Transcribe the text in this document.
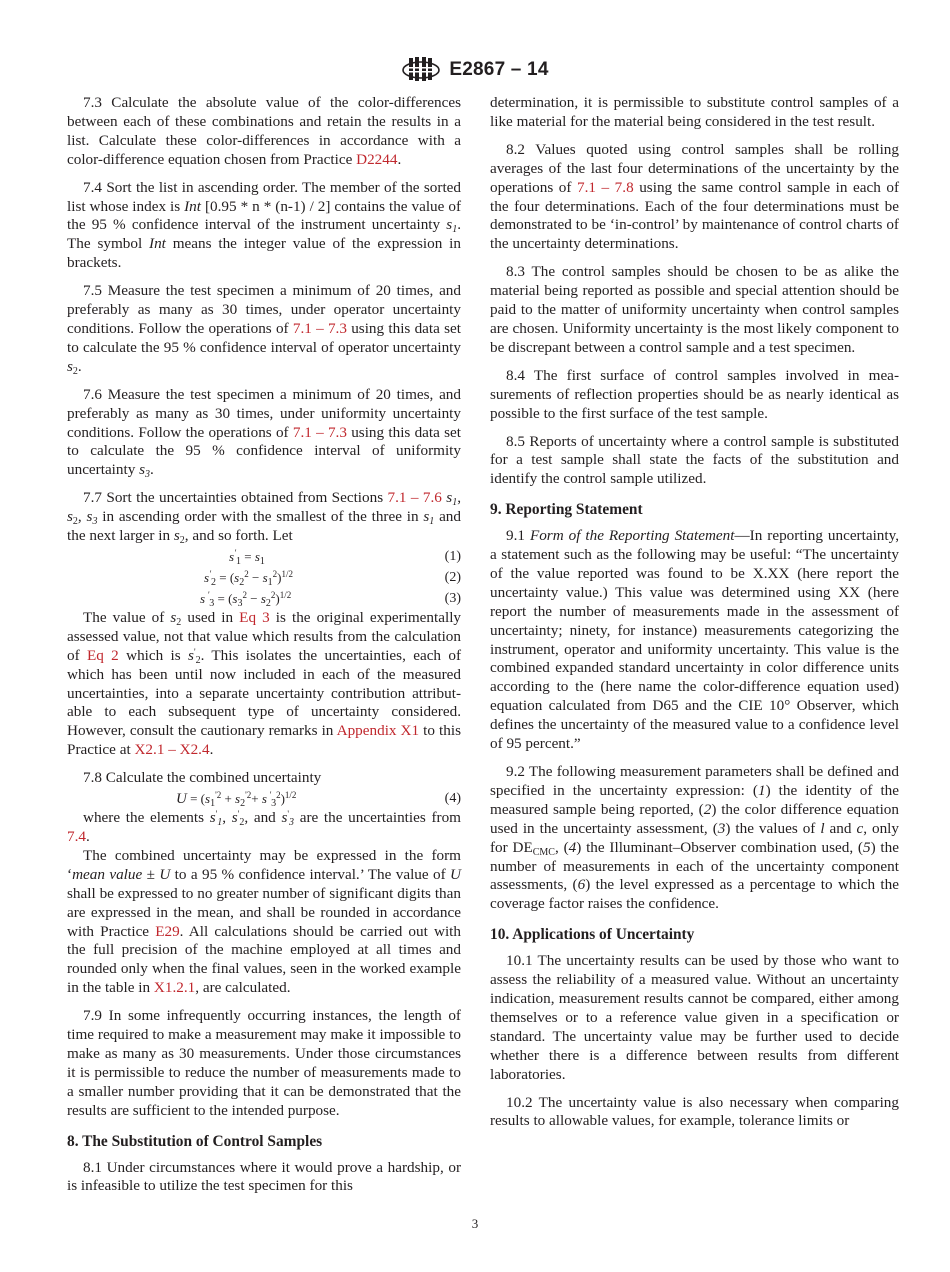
E2867 – 14

7.3 Calculate the absolute value of the color-differences between each of these combinations and retain the results in a list. Calculate these color-differences in accordance with a color-difference equation chosen from Practice D2244.

7.4 Sort the list in ascending order. The member of the sorted list whose index is Int [0.95 * n * (n-1) / 2] contains the value of the 95 % confidence interval of the instrument uncertainty $s_1$. The symbol Int means the integer value of the expression in brackets.

7.5 Measure the test specimen a minimum of 20 times, and preferably as many as 30 times, under operator uncertainty conditions. Follow the operations of 7.1 – 7.3 using this data set to calculate the 95 % confidence interval of operator uncertainty $s_2$.

7.6 Measure the test specimen a minimum of 20 times, and preferably as many as 30 times, under uniformity uncertainty conditions. Follow the operations of 7.1 – 7.3 using this data set to calculate the 95 % confidence interval of uniformity uncertainty $s_3$.

7.7 Sort the uncertainties obtained from Sections 7.1 – 7.6 $s_1$, $s_2$, $s_3$ in ascending order with the smallest of the three in $s_1$ and the next larger in $s_2$, and so forth. Let

$s'_1 = s_1$	(1)
$s'_2 = (s_2^2 - s_1^2)^{1/2}$	(2)
s $'_3 = (s_3^2 - s_2^2)^{1/2}$	(3)

The value of $s_2$ used in Eq 3 is the original experimentally assessed value, not that value which results from the calculation of Eq 2 which is $s'_2$. This isolates the uncertainties, each of which has been until now included in each of the measured uncertainties, into a separate uncertainty contribution attributable to each subsequent type of uncertainty considered. However, consult the cautionary remarks in Appendix X1 to this Practice at X2.1 – X2.4.

7.8 Calculate the combined uncertainty

$U = (s_1^{'2} + s_2^{'2}+ s$ '$_3^2$)$^{1/2}$	(4)

where the elements $s'_1$, $s'_2$, and $s'_3$ are the uncertainties from 7.4.

The combined uncertainty may be expressed in the form ‘mean value ± U to a 95 % confidence interval.’ The value of U shall be expressed to no greater number of significant digits than are expressed in the mean, and shall be rounded in accordance with Practice E29. All calculations should be carried out with the full precision of the machine employed at all times and rounded only when the final values, seen in the worked example in the table in X1.2.1, are calculated.

7.9 In some infrequently occurring instances, the length of time required to make a measurement may make it impossible to make as many as 30 measurements. Under those circumstances it is permissible to reduce the number of measurements made to a smaller number providing that it can be demonstrated that the results are sufficient to the intended purpose.

8. The Substitution of Control Samples

8.1 Under circumstances where it would prove a hardship, or is infeasible to utilize the test specimen for this

determination, it is permissible to substitute control samples of a like material for the material being considered in the test result.

8.2 Values quoted using control samples shall be rolling averages of the last four determinations of the uncertainty by the operations of 7.1 – 7.8 using the same control sample in each of the four determinations. Each of the four determinations must be demonstrated to be ‘in-control’ by maintenance of control charts of the uncertainty determinations.

8.3 The control samples should be chosen to be as alike the material being reported as possible and special attention should be paid to the matter of uniformity uncertainty when control samples are chosen. Uniformity uncertainty is the most likely component to be discrepant between a control sample and a test specimen.

8.4 The first surface of control samples involved in measurements of reflection properties should be as nearly identical as possible to the first surface of the test sample.

8.5 Reports of uncertainty where a control sample is substituted for a test sample shall state the facts of the substitution and identify the control sample utilized.

9. Reporting Statement

9.1 Form of the Reporting Statement—In reporting uncertainty, a statement such as the following may be useful: “The uncertainty of the value reported was found to be X.XX (here report the uncertainty value.) This value was determined using XX (here report the number of measurements made in the assessment of uncertainty; ninety, for instance) measurements categorizing the instrument, operator and uniformity uncertainty. This value is the combined expanded standard uncertainty in color difference units according to the (here name the color-difference equation used) equation calculated from D65 and the CIE 10° Observer, which defines the uncertainty of the measured value to a confidence level of 95 percent.”

9.2 The following measurement parameters shall be defined and specified in the uncertainty expression: (1) the identity of the measured sample being reported, (2) the color difference equation used in the uncertainty assessment, (3) the values of l and c, only for $DE_{CMC}$, (4) the Illuminant–Observer combination used, (5) the number of measurements in each of the uncertainty component assessments, (6) the level expressed as a percentage to which the coverage factor raises the confidence.

10. Applications of Uncertainty

10.1 The uncertainty results can be used by those who want to assess the reliability of a measured value. Without an uncertainty indication, measurement results cannot be compared, either among themselves or to a reference value given in a specification or standard. The uncertainty value may be further used to decide whether there is a difference between results from different laboratories.

10.2 The uncertainty value is also necessary when comparing results to allowable values, for example, tolerance limits or

3
